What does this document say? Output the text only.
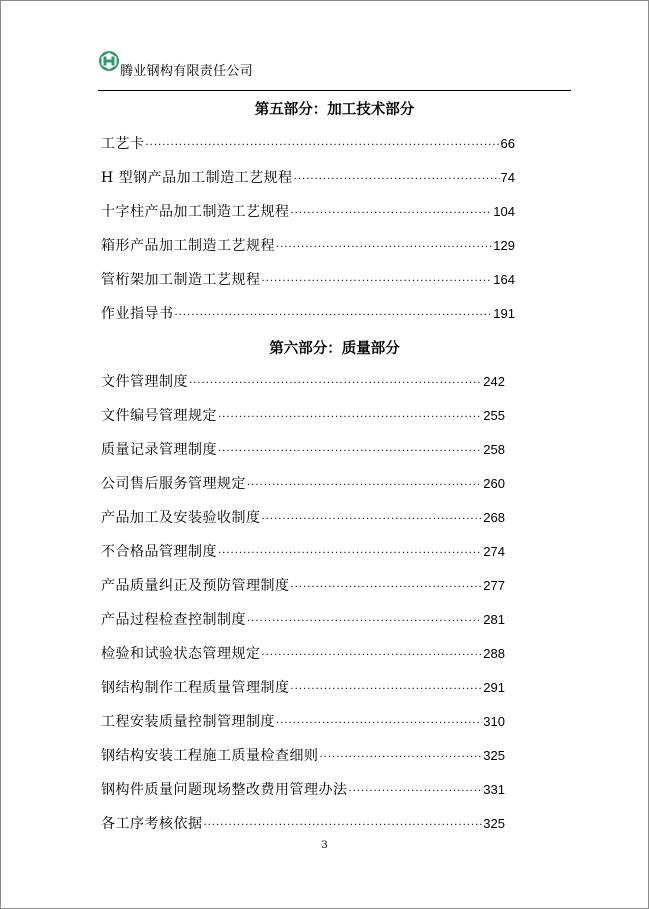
腾业钢构有限责任公司
第五部分：加工技术部分
工艺卡 ·····	66
H 型钢产品加工制造工艺规程 ·····	74
十字柱产品加工制造工艺规程 ·····	104
箱形产品加工制造工艺规程 ·····	129
管桁架加工制造工艺规程 ·····	164
作业指导书 ·····	191
第六部分：质量部分
文件管理制度 ·····	242
文件编号管理规定 ·····	255
质量记录管理制度 ·····	258
公司售后服务管理规定 ·····	260
产品加工及安装验收制度 ·····	268
不合格品管理制度 ·····	274
产品质量纠正及预防管理制度 ·····	277
产品过程检查控制制度 ·····	281
检验和试验状态管理规定 ·····	288
钢结构制作工程质量管理制度 ·····	291
工程安装质量控制管理制度 ·····	310
钢结构安装工程施工质量检查细则 ·····	325
钢构件质量问题现场整改费用管理办法 ·····	331
各工序考核依据 ·····	325
3
